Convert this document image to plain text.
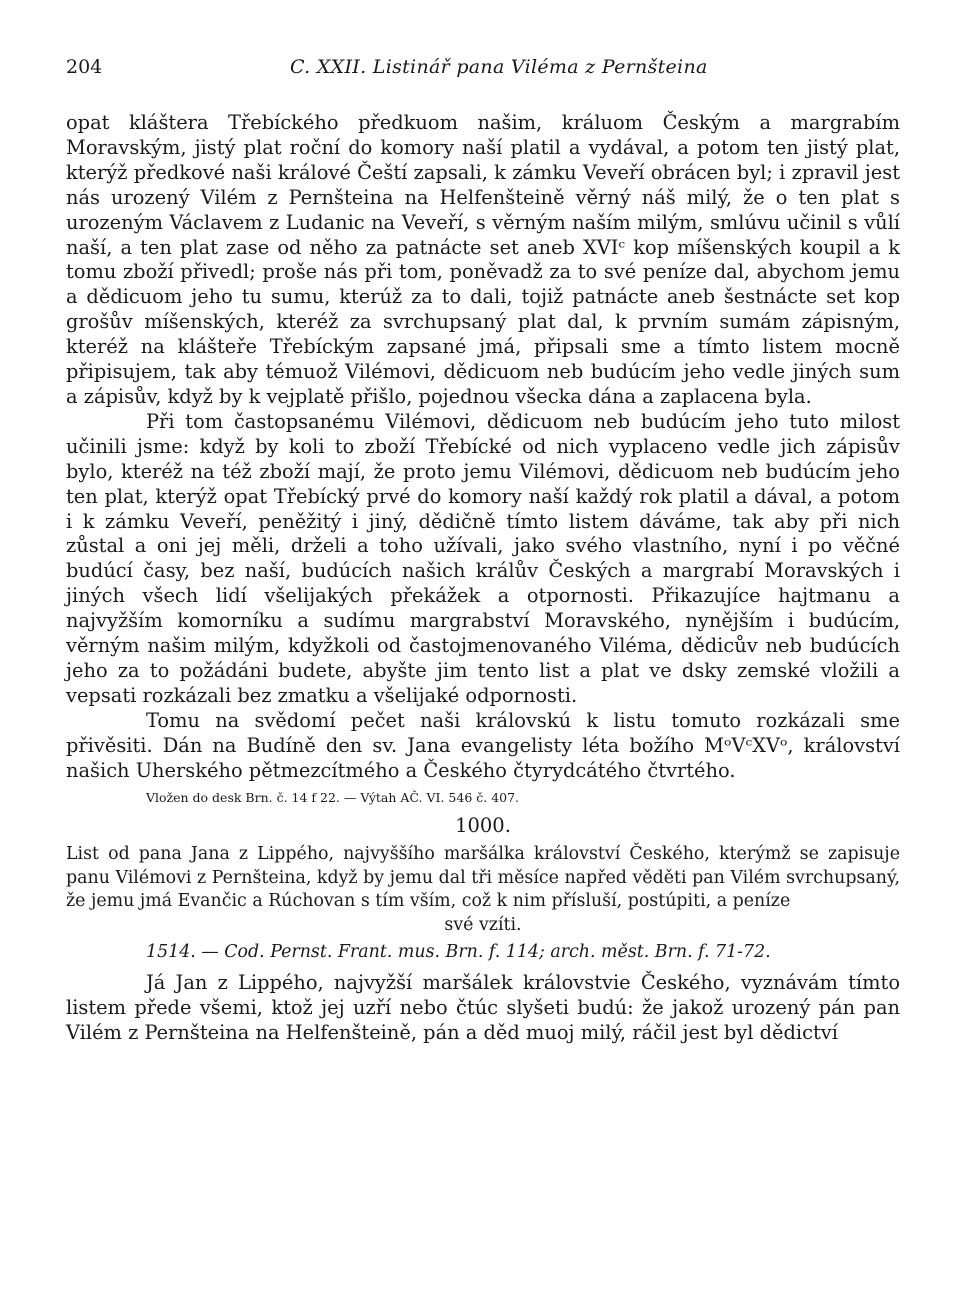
204	C. XXII. Listinář pana Viléma z Pernšteina

opat kláštera Třebíckého předkuom našim, králuom Českým a margrabím Moravským, jistý plat roční do komory naší platil a vydával, a potom ten jistý plat, kterýž předkové naši králové Čeští zapsali, k zámku Veveří obrácen byl; i zpravil jest nás urozený Vilém z Pernšteina na Helfenšteině věrný náš milý, že o ten plat s urozeným Václavem z Ludanic na Veveří, s věrným naším milým, smlúvu učinil s vůlí naší, a ten plat zase od něho za patnácte set aneb XVIᶜ kop míšenských koupil a k tomu zboží přivedl; proše nás při tom, poněvadž za to své peníze dal, abychom jemu a dědicuom jeho tu sumu, kterúž za to dali, tojiž patnácte aneb šestnácte set kop grošův míšenských, kteréž za svrchupsaný plat dal, k prvním sumám zápisným, kteréž na klášteře Třebíckým zapsané jmá, připsali sme a tímto listem mocně připisujem, tak aby témuož Vilémovi, dědicuom neb budúcím jeho vedle jiných sum a zápisův, když by k vejplatě přišlo, pojednou všecka dána a zaplacena byla.

Při tom častopsanému Vilémovi, dědicuom neb budúcím jeho tuto milost učinili jsme: když by koli to zboží Třebícké od nich vyplaceno vedle jich zápisův bylo, kteréž na též zboží mají, že proto jemu Vilémovi, dědicuom neb budúcím jeho ten plat, kterýž opat Třebícký prvé do komory naší každý rok platil a dával, a potom i k zámku Veveří, peněžitý i jiný, dědičně tímto listem dáváme, tak aby při nich zůstal a oni jej měli, drželi a toho užívali, jako svého vlastního, nyní i po věčné budúcí časy, bez naší, budúcích našich králův Českých a margrabí Moravských i jiných všech lidí všelijakých překážek a otpornosti. Přikazujíce hajtmanu a najvyžším komorníku a sudímu margrabství Moravského, nynějším i budúcím, věrným našim milým, kdyžkoli od častojmenovaného Viléma, dědicův neb budúcích jeho za to požádáni budete, abyšte jim tento list a plat ve dsky zemské vložili a vepsati rozkázali bez zmatku a všelijaké odpornosti.

Tomu na svědomí pečet naši královskú k listu tomuto rozkázali sme přivěsiti. Dán na Budíně den sv. Jana evangelisty léta božího MᵒVᶜXVᵒ, království našich Uherského pětmezcítmého a Českého čtyrydcátého čtvrtého.

Vložen do desk Brn. č. 14 f 22. — Výtah AČ. VI. 546 č. 407.

1000.

List od pana Jana z Lippého, najvyššího maršálka království Českého, kterýmž se zapisuje panu Vilémovi z Pernšteina, když by jemu dal tři měsíce napřed věděti pan Vilém svrchupsaný, že jemu jmá Evančic a Rúchovan s tím vším, což k nim přísluší, postúpiti, a peníze

své vzíti.

1514. — Cod. Pernst. Frant. mus. Brn. f. 114; arch. měst. Brn. f. 71-72.

Já Jan z Lippého, najvyžší maršálek královstvie Českého, vyznávám tímto listem přede všemi, ktož jej uzří nebo čtúc slyšeti budú: že jakož urozený pán pan Vilém z Pernšteina na Helfenšteině, pán a děd muoj milý, ráčil jest byl dědictví
